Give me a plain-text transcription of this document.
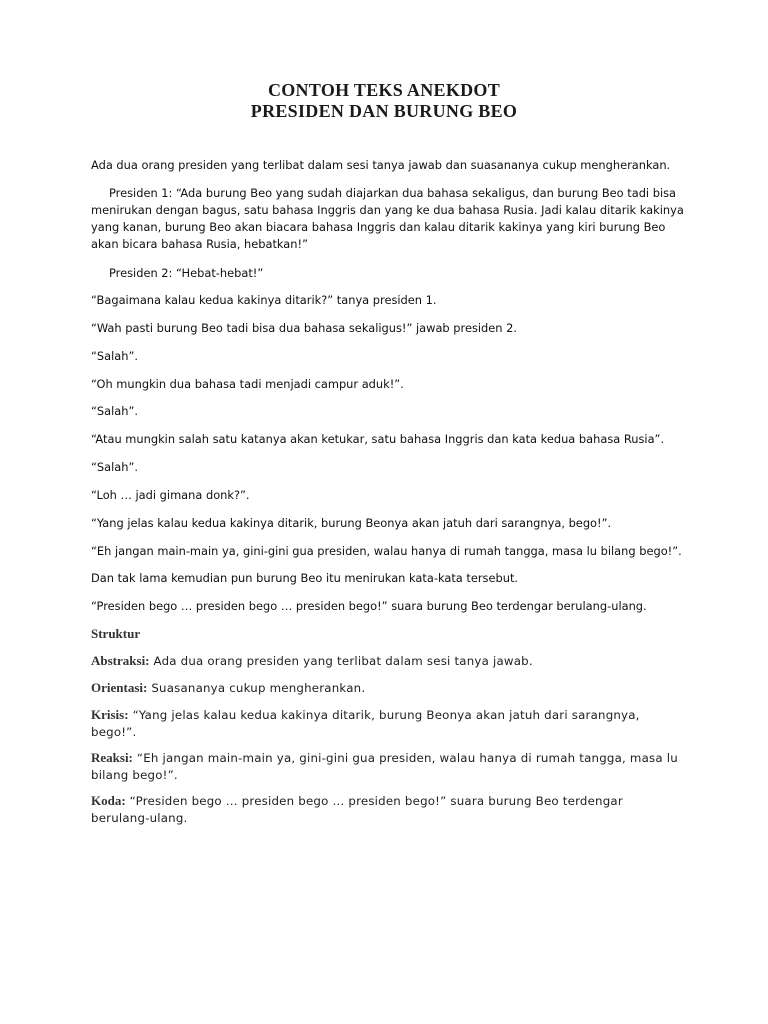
CONTOH TEKS ANEKDOT
PRESIDEN DAN BURUNG BEO

Ada dua orang presiden yang terlibat dalam sesi tanya jawab dan suasananya cukup mengherankan.

Presiden 1: “Ada burung Beo yang sudah diajarkan dua bahasa sekaligus, dan burung Beo tadi bisa menirukan dengan bagus, satu bahasa Inggris dan yang ke dua bahasa Rusia. Jadi kalau ditarik kakinya yang kanan, burung Beo akan biacara bahasa Inggris dan kalau ditarik kakinya yang kiri burung Beo akan bicara bahasa Rusia, hebatkan!”

Presiden 2: “Hebat-hebat!”

“Bagaimana kalau kedua kakinya ditarik?” tanya presiden 1.

“Wah pasti burung Beo tadi bisa dua bahasa sekaligus!” jawab presiden 2.

“Salah”.

“Oh mungkin dua bahasa tadi menjadi campur aduk!”.

“Salah”.

“Atau mungkin salah satu katanya akan ketukar, satu bahasa Inggris dan kata kedua bahasa Rusia”.

“Salah”.

“Loh … jadi gimana donk?”.

“Yang jelas kalau kedua kakinya ditarik, burung Beonya akan jatuh dari sarangnya, bego!”.

“Eh jangan main-main ya, gini-gini gua presiden, walau hanya di rumah tangga, masa lu bilang bego!”.

Dan tak lama kemudian pun burung Beo itu menirukan kata-kata tersebut.

“Presiden bego … presiden bego … presiden bego!” suara burung Beo terdengar berulang-ulang.

Struktur

Abstraksi: Ada dua orang presiden yang terlibat dalam sesi tanya jawab.

Orientasi: Suasananya cukup mengherankan.

Krisis: “Yang jelas kalau kedua kakinya ditarik, burung Beonya akan jatuh dari sarangnya, bego!”.

Reaksi: “Eh jangan main-main ya, gini-gini gua presiden, walau hanya di rumah tangga, masa lu bilang bego!”.

Koda: “Presiden bego … presiden bego … presiden bego!” suara burung Beo terdengar berulang-ulang.
